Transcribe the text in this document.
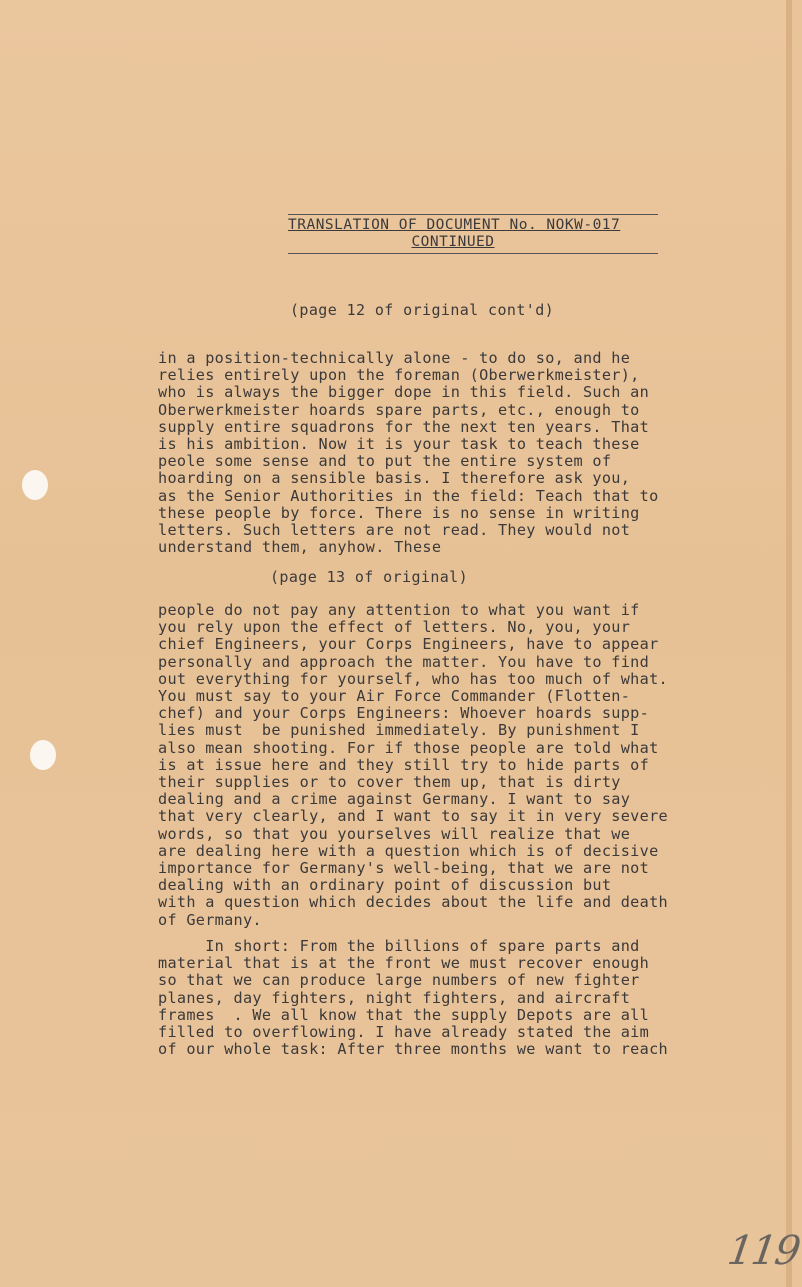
TRANSLATION OF DOCUMENT No. NOKW-017
CONTINUED
(page 12 of original cont'd)
in a position-technically alone - to do so, and he
relies entirely upon the foreman (Oberwerkmeister),
who is always the bigger dope in this field. Such an
Oberwerkmeister hoards spare parts, etc., enough to
supply entire squadrons for the next ten years. That
is his ambition. Now it is your task to teach these
peole some sense and to put the entire system of
hoarding on a sensible basis. I therefore ask you,
as the Senior Authorities in the field: Teach that to
these people by force. There is no sense in writing
letters. Such letters are not read. They would not
understand them, anyhow. These
(page 13 of original)
people do not pay any attention to what you want if
you rely upon the effect of letters. No, you, your
chief Engineers, your Corps Engineers, have to appear
personally and approach the matter. You have to find
out everything for yourself, who has too much of what.
You must say to your Air Force Commander (Flotten-
chef) and your Corps Engineers: Whoever hoards supp-
lies must  be punished immediately. By punishment I
also mean shooting. For if those people are told what
is at issue here and they still try to hide parts of
their supplies or to cover them up, that is dirty
dealing and a crime against Germany. I want to say
that very clearly, and I want to say it in very severe
words, so that you yourselves will realize that we
are dealing here with a question which is of decisive
importance for Germany's well-being, that we are not
dealing with an ordinary point of discussion but
with a question which decides about the life and death
of Germany.
In short: From the billions of spare parts and
material that is at the front we must recover enough
so that we can produce large numbers of new fighter
planes, day fighters, night fighters, and aircraft
frames  . We all know that the supply Depots are all
filled to overflowing. I have already stated the aim
of our whole task: After three months we want to reach
119
